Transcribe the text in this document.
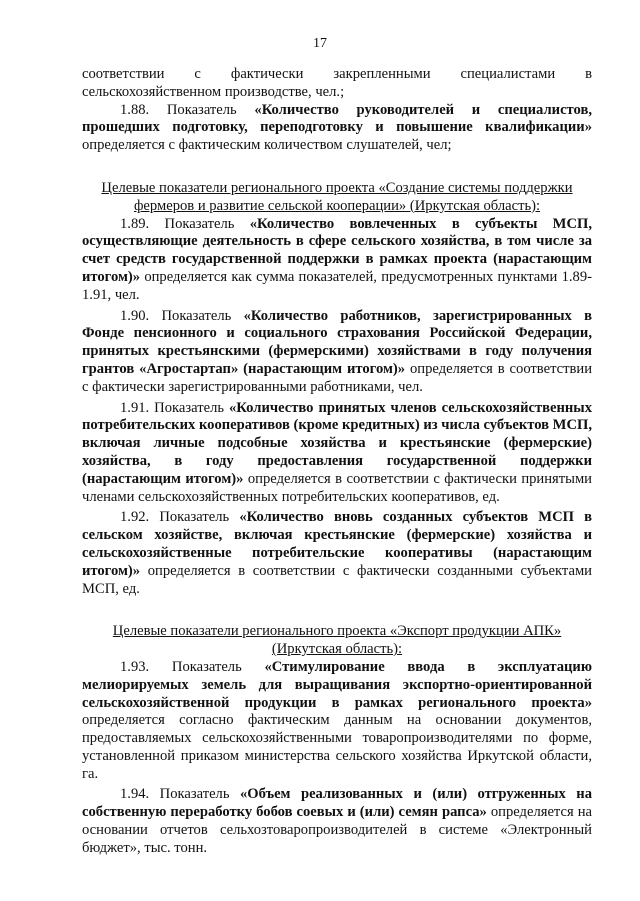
17

соответствии с фактически закрепленными специалистами в сельскохозяйственном производстве, чел.;

1.88. Показатель «Количество руководителей и специалистов, прошедших подготовку, переподготовку и повышение квалификации» определяется с фактическим количеством слушателей, чел;

Целевые показатели регионального проекта «Создание системы поддержки фермеров и развитие сельской кооперации» (Иркутская область):

1.89. Показатель «Количество вовлеченных в субъекты МСП, осуществляющие деятельность в сфере сельского хозяйства, в том числе за счет средств государственной поддержки в рамках проекта (нарастающим итогом)» определяется как сумма показателей, предусмотренных пунктами 1.89-1.91, чел.

1.90. Показатель «Количество работников, зарегистрированных в Фонде пенсионного и социального страхования Российской Федерации, принятых крестьянскими (фермерскими) хозяйствами в году получения грантов «Агростартап» (нарастающим итогом)» определяется в соответствии с фактически зарегистрированными работниками, чел.

1.91. Показатель «Количество принятых членов сельскохозяйственных потребительских кооперативов (кроме кредитных) из числа субъектов МСП, включая личные подсобные хозяйства и крестьянские (фермерские) хозяйства, в году предоставления государственной поддержки (нарастающим итогом)» определяется в соответствии с фактически принятыми членами сельскохозяйственных потребительских кооперативов, ед.

1.92. Показатель «Количество вновь созданных субъектов МСП в сельском хозяйстве, включая крестьянские (фермерские) хозяйства и сельскохозяйственные потребительские кооперативы (нарастающим итогом)» определяется в соответствии с фактически созданными субъектами МСП, ед.

Целевые показатели регионального проекта «Экспорт продукции АПК» (Иркутская область):

1.93. Показатель «Стимулирование ввода в эксплуатацию мелиорируемых земель для выращивания экспортно-ориентированной сельскохозяйственной продукции в рамках регионального проекта» определяется согласно фактическим данным на основании документов, предоставляемых сельскохозяйственными товаропроизводителями по форме, установленной приказом министерства сельского хозяйства Иркутской области, га.

1.94. Показатель «Объем реализованных и (или) отгруженных на собственную переработку бобов соевых и (или) семян рапса» определяется на основании отчетов сельхозтоваропроизводителей в системе «Электронный бюджет», тыс. тонн.
